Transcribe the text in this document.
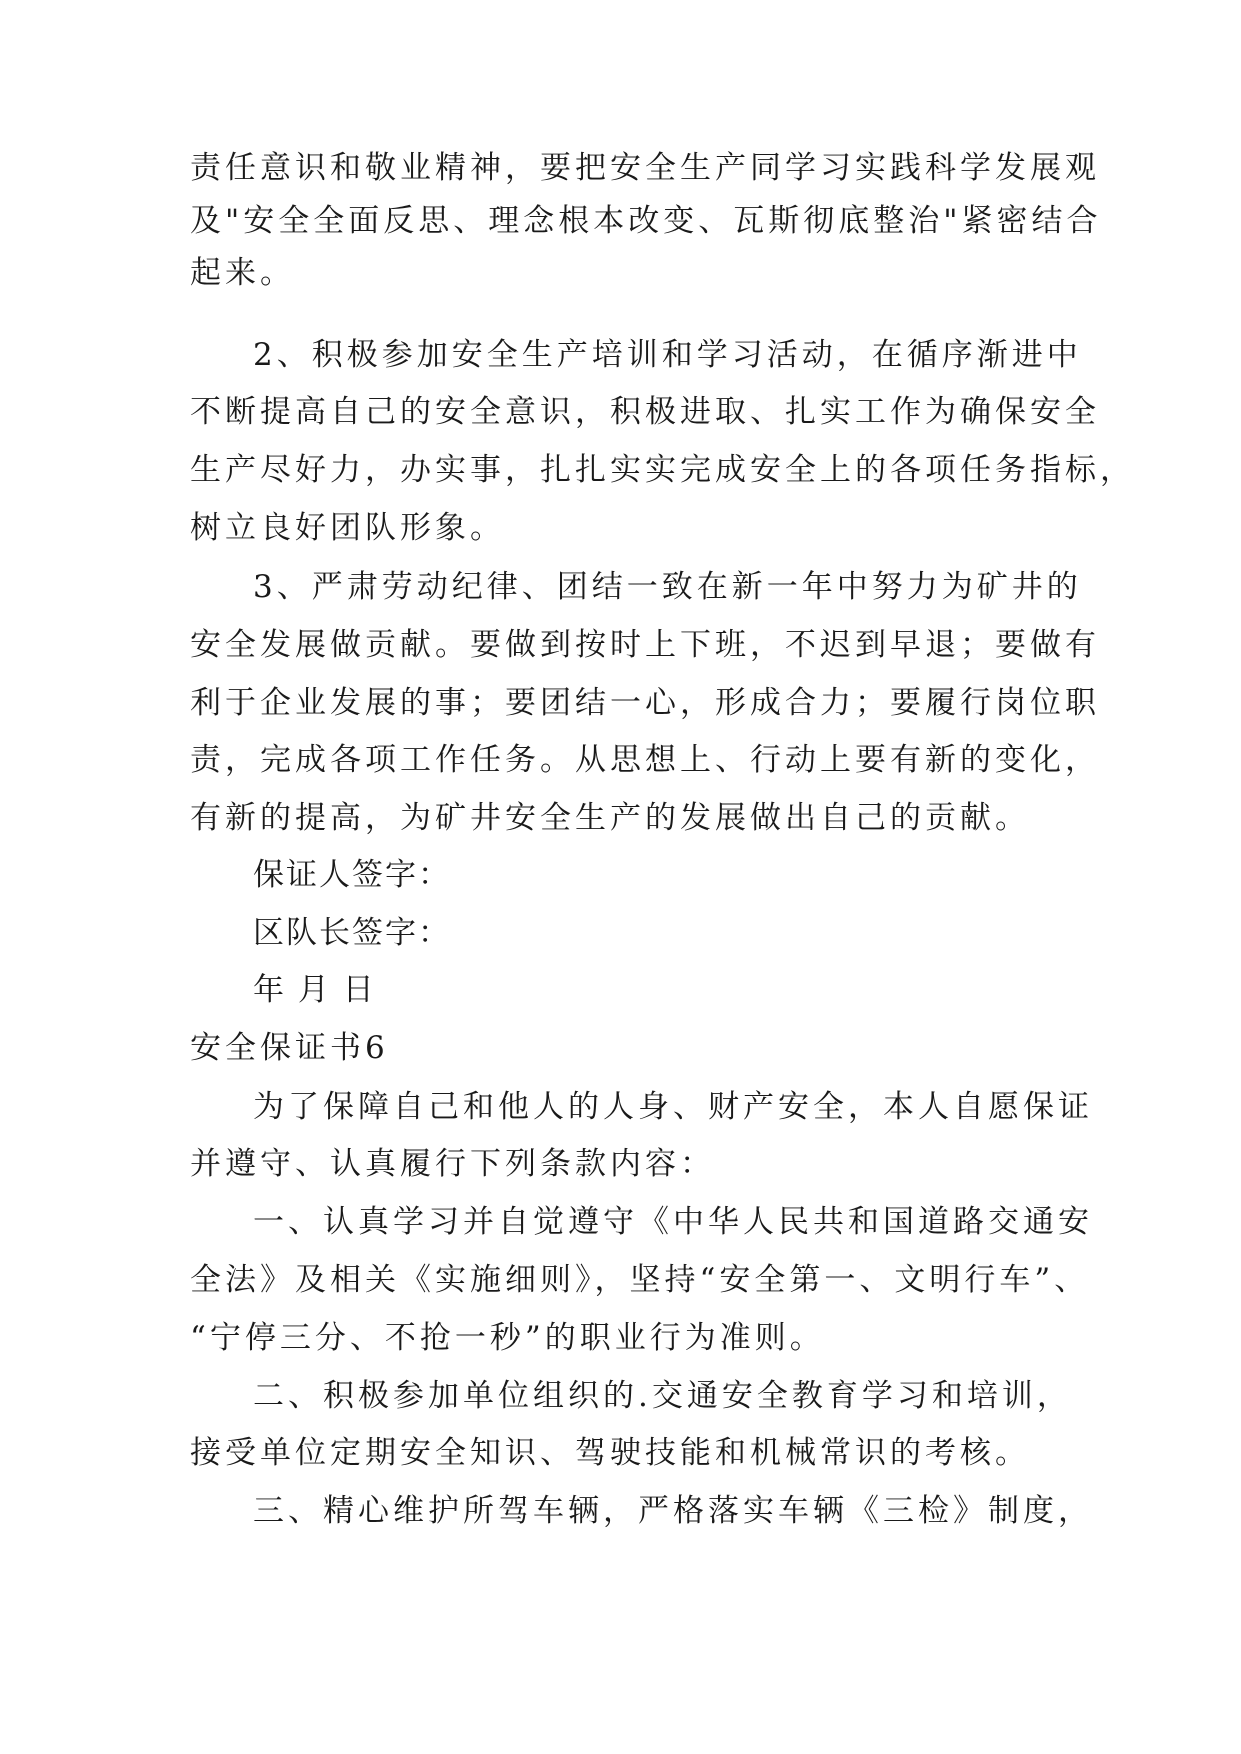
责任意识和敬业精神，要把安全生产同学习实践科学发展观

及"安全全面反思、理念根本改变、瓦斯彻底整治"紧密结合

起来。

2、积极参加安全生产培训和学习活动，在循序渐进中

不断提高自己的安全意识，积极进取、扎实工作为确保安全

生产尽好力，办实事，扎扎实实完成安全上的各项任务指标，

树立良好团队形象。

3、严肃劳动纪律、团结一致在新一年中努力为矿井的

安全发展做贡献。要做到按时上下班，不迟到早退；要做有

利于企业发展的事；要团结一心，形成合力；要履行岗位职

责，完成各项工作任务。从思想上、行动上要有新的变化，

有新的提高，为矿井安全生产的发展做出自己的贡献。

保证人签字：

区队长签字：

年 月 日

安全保证书6

为了保障自己和他人的人身、财产安全，本人自愿保证

并遵守、认真履行下列条款内容：

一、认真学习并自觉遵守《中华人民共和国道路交通安

全法》及相关《实施细则》，坚持“安全第一、文明行车”、

“宁停三分、不抢一秒”的职业行为准则。

二、积极参加单位组织的.交通安全教育学习和培训，

接受单位定期安全知识、驾驶技能和机械常识的考核。

三、精心维护所驾车辆，严格落实车辆《三检》制度，
